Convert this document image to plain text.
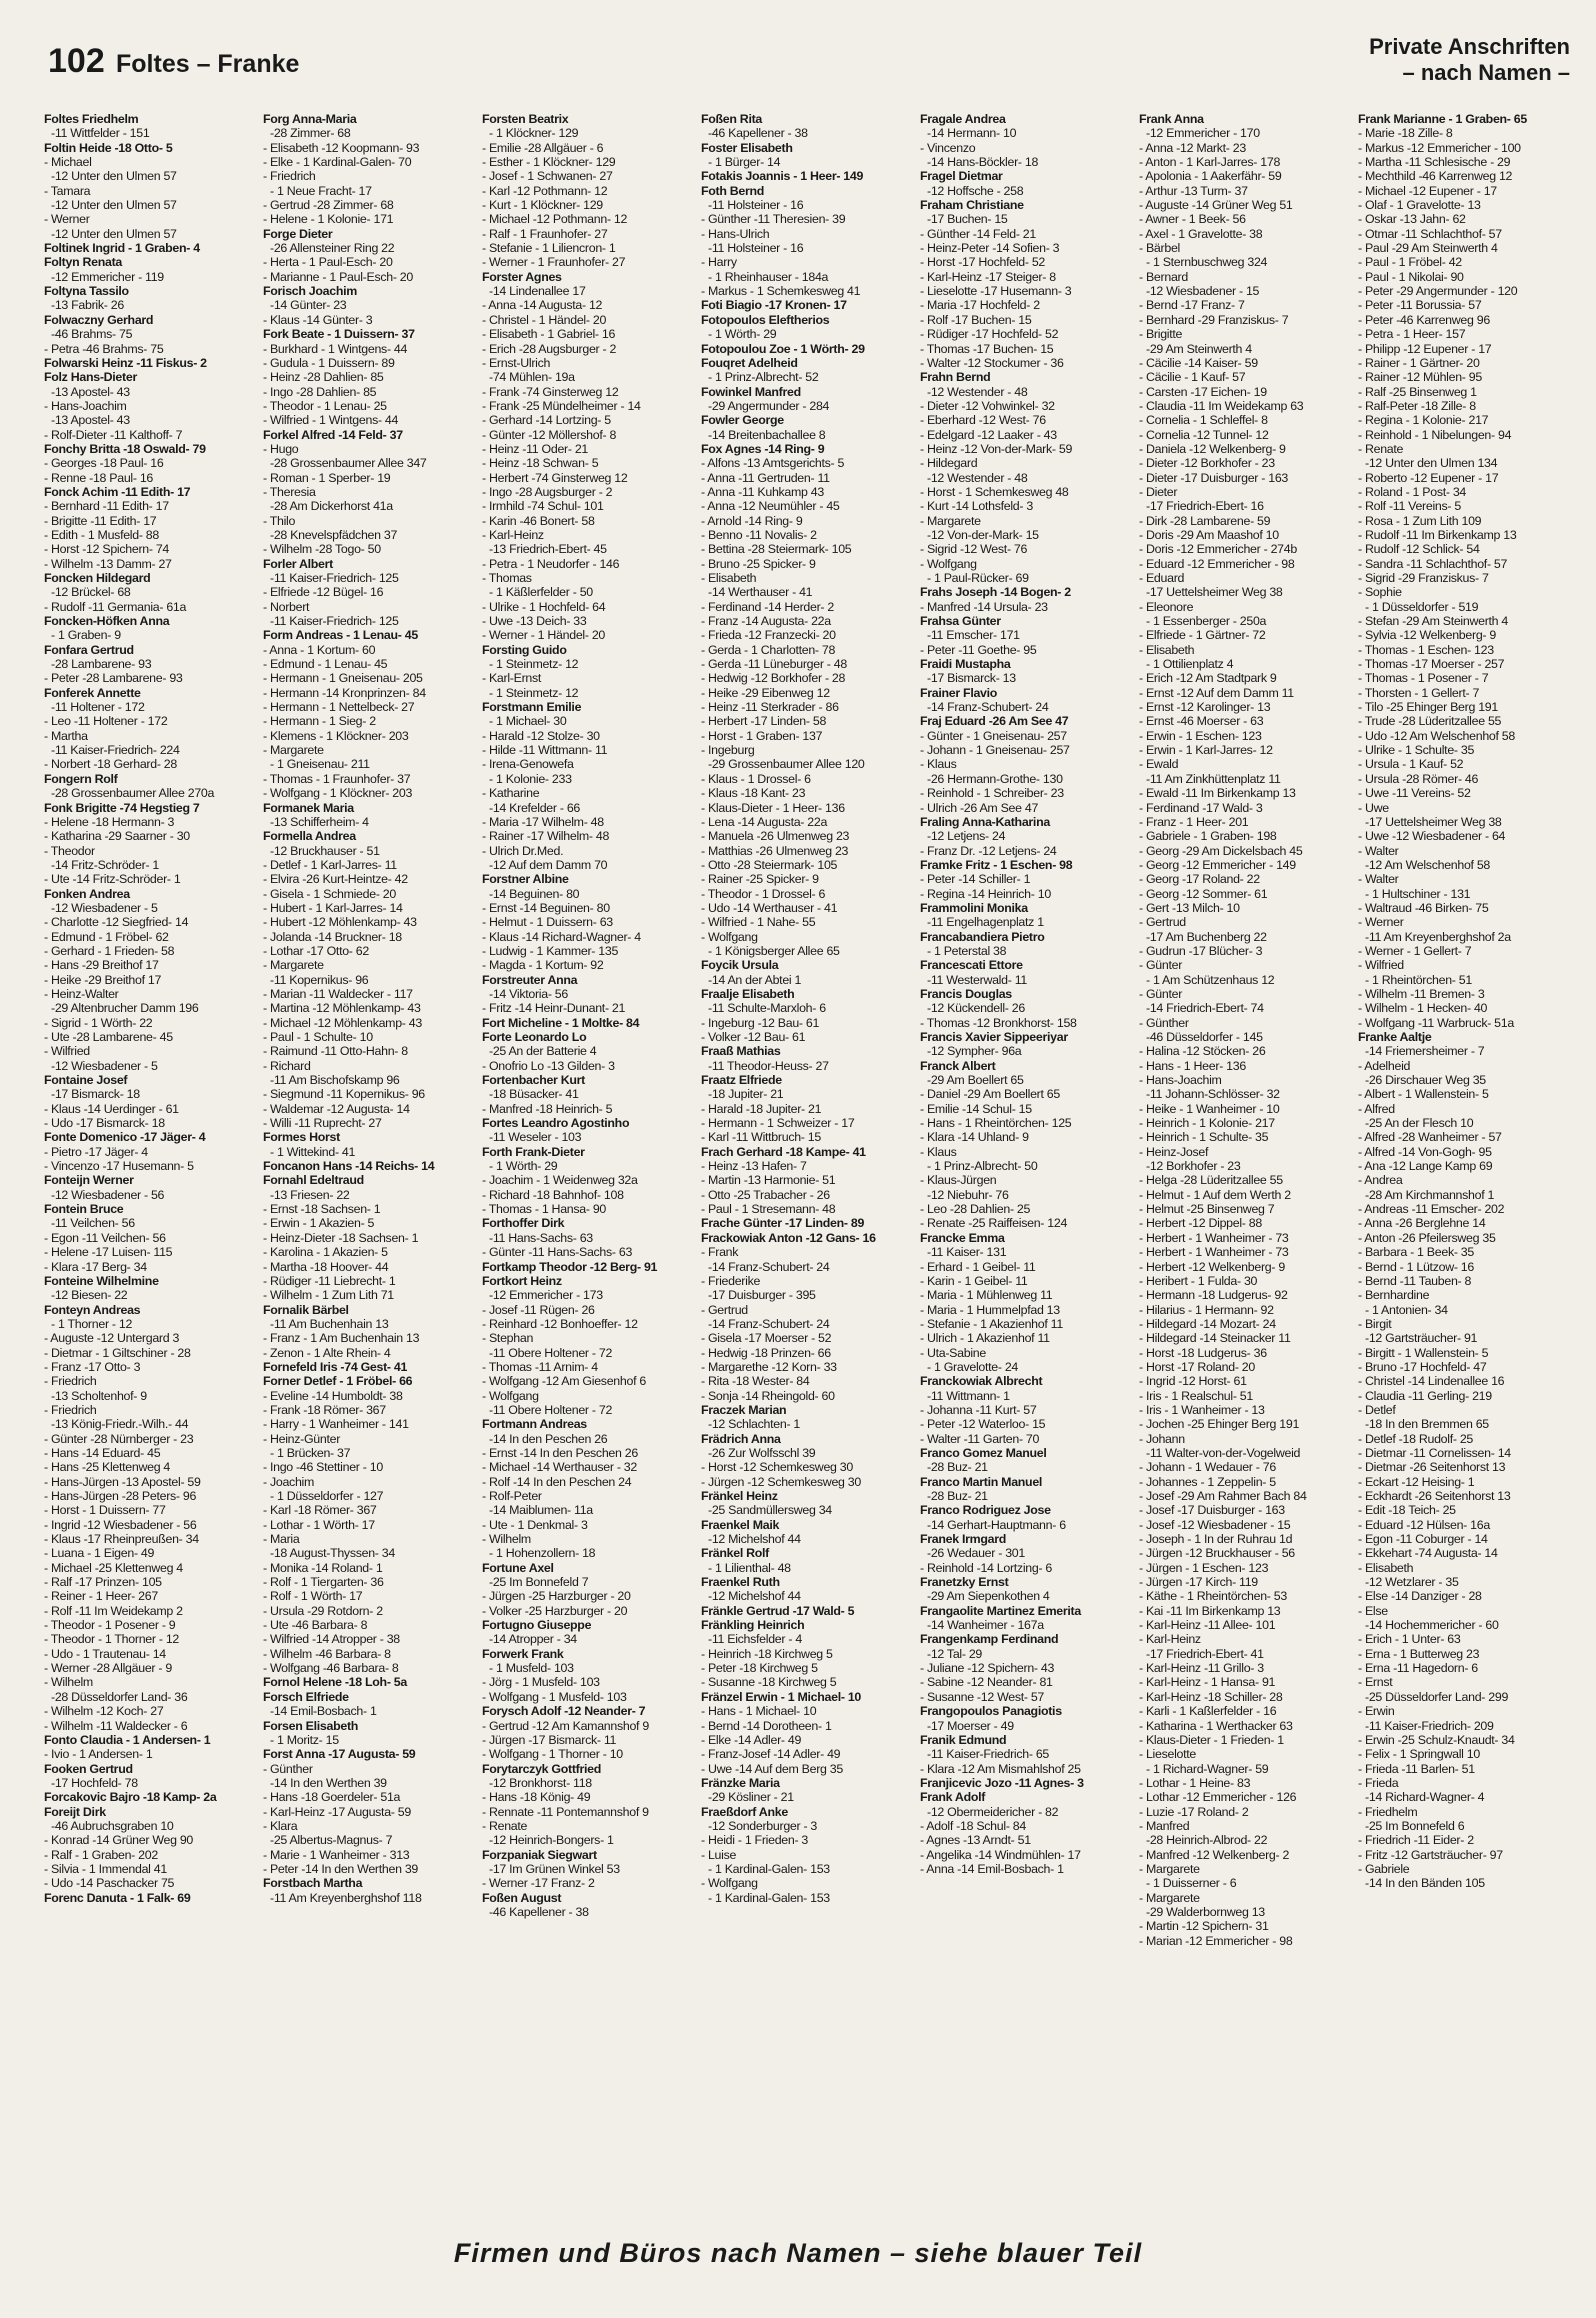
102 Foltes – Franke
Private Anschriften
– nach Namen –
Foltes Friedhelm
-11 Wittfelder - 151
Foltin Heide -18 Otto- 5
- Michael
-12 Unter den Ulmen 57
- Tamara
-12 Unter den Ulmen 57
- Werner
-12 Unter den Ulmen 57
Foltinek Ingrid - 1 Graben- 4
Foltyn Renata
-12 Emmericher - 119
Foltyna Tassilo
-13 Fabrik- 26
Folwaczny Gerhard
-46 Brahms- 75
- Petra -46 Brahms- 75
Folwarski Heinz -11 Fiskus- 2
Folz Hans-Dieter
-13 Apostel- 43
- Hans-Joachim
-13 Apostel- 43
- Rolf-Dieter -11 Kalthoff- 7
Fonchy Britta -18 Oswald- 79
- Georges -18 Paul- 16
- Renne -18 Paul- 16
Fonck Achim -11 Edith- 17
- Bernhard -11 Edith- 17
- Brigitte -11 Edith- 17
- Edith - 1 Musfeld- 88
- Horst -12 Spichern- 74
- Wilhelm -13 Damm- 27
Foncken Hildegard
-12 Brückel- 68
- Rudolf -11 Germania- 61a
Foncken-Höfken Anna
- 1 Graben- 9
Fonfara Gertrud
-28 Lambarene- 93
- Peter -28 Lambarene- 93
Fonferek Annette
-11 Holtener - 172
- Leo -11 Holtener - 172
- Martha
-11 Kaiser-Friedrich- 224
- Norbert -18 Gerhard- 28
Fongern Rolf
-28 Grossenbaumer Allee 270a
Fonk Brigitte -74 Hegstieg 7
- Helene -18 Hermann- 3
- Katharina -29 Saarner - 30
- Theodor
-14 Fritz-Schröder- 1
- Ute -14 Fritz-Schröder- 1
Fonken Andrea
-12 Wiesbadener - 5
- Charlotte -12 Siegfried- 14
- Edmund - 1 Fröbel- 62
- Gerhard - 1 Frieden- 58
- Hans -29 Breithof 17
- Heike -29 Breithof 17
- Heinz-Walter
-29 Altenbrucher Damm 196
- Sigrid - 1 Wörth- 22
- Ute -28 Lambarene- 45
- Wilfried
-12 Wiesbadener - 5
Fontaine Josef
-17 Bismarck- 18
- Klaus -14 Uerdinger - 61
- Udo -17 Bismarck- 18
Fonte Domenico -17 Jäger- 4
- Pietro -17 Jäger- 4
- Vincenzo -17 Husemann- 5
Fonteijn Werner
-12 Wiesbadener - 56
Fontein Bruce
-11 Veilchen- 56
- Egon -11 Veilchen- 56
- Helene -17 Luisen- 115
- Klara -17 Berg- 34
Fonteine Wilhelmine
-12 Biesen- 22
Fonteyn Andreas
- 1 Thorner - 12
- Auguste -12 Untergard 3
- Dietmar - 1 Giltschiner - 28
- Franz -17 Otto- 3
- Friedrich
-13 Scholtenhof- 9
- Friedrich
-13 König-Friedr.-Wilh.- 44
- Günter -28 Nürnberger - 23
- Hans -14 Eduard- 45
- Hans -25 Klettenweg 4
- Hans-Jürgen -13 Apostel- 59
- Hans-Jürgen -28 Peters- 96
- Horst - 1 Duissern- 77
- Ingrid -12 Wiesbadener - 56
- Klaus -17 Rheinpreußen- 34
- Luana - 1 Eigen- 49
- Michael -25 Klettenweg 4
- Ralf -17 Prinzen- 105
- Reiner - 1 Heer- 267
- Rolf -11 Im Weidekamp 2
- Theodor - 1 Posener - 9
- Theodor - 1 Thorner - 12
- Udo - 1 Trautenau- 14
- Werner -28 Allgäuer - 9
- Wilhelm
-28 Düsseldorfer Land- 36
- Wilhelm -12 Koch- 27
- Wilhelm -11 Waldecker - 6
Fonto Claudia - 1 Andersen- 1
- Ivio - 1 Andersen- 1
Fooken Gertrud
-17 Hochfeld- 78
Forcakovic Bajro -18 Kamp- 2a
Foreijt Dirk
-46 Aubruchsgraben 10
- Konrad -14 Grüner Weg 90
- Ralf - 1 Graben- 202
- Silvia - 1 Immendal 41
- Udo -14 Paschacker 75
Forenc Danuta - 1 Falk- 69
Forg Anna-Maria
-28 Zimmer- 68
- Elisabeth -12 Koopmann- 93
- Elke - 1 Kardinal-Galen- 70
- Friedrich
- 1 Neue Fracht- 17
- Gertrud -28 Zimmer- 68
- Helene - 1 Kolonie- 171
Forge Dieter
-26 Allensteiner Ring 22
- Herta - 1 Paul-Esch- 20
- Marianne - 1 Paul-Esch- 20
Forisch Joachim
-14 Günter- 23
- Klaus -14 Günter- 3
Fork Beate - 1 Duissern- 37
- Burkhard - 1 Wintgens- 44
- Gudula - 1 Duissern- 89
- Heinz -28 Dahlien- 85
- Ingo -28 Dahlien- 85
- Theodor - 1 Lenau- 25
- Wilfried - 1 Wintgens- 44
Forkel Alfred -14 Feld- 37
- Hugo
-28 Grossenbaumer Allee 347
- Roman - 1 Sperber- 19
- Theresia
-28 Am Dickerhorst 41a
- Thilo
-28 Knevelspfädchen 37
- Wilhelm -28 Togo- 50
Forler Albert
-11 Kaiser-Friedrich- 125
- Elfriede -12 Bügel- 16
- Norbert
-11 Kaiser-Friedrich- 125
Form Andreas - 1 Lenau- 45
- Anna - 1 Kortum- 60
- Edmund - 1 Lenau- 45
- Hermann - 1 Gneisenau- 205
- Hermann -14 Kronprinzen- 84
- Hermann - 1 Nettelbeck- 27
- Hermann - 1 Sieg- 2
- Klemens - 1 Klöckner- 203
- Margarete
- 1 Gneisenau- 211
- Thomas - 1 Fraunhofer- 37
- Wolfgang - 1 Klöckner- 203
Formanek Maria
-13 Schifferheim- 4
Formella Andrea
-12 Bruckhauser - 51
- Detlef - 1 Karl-Jarres- 11
- Elvira -26 Kurt-Heintze- 42
- Gisela - 1 Schmiede- 20
- Hubert - 1 Karl-Jarres- 14
- Hubert -12 Möhlenkamp- 43
- Jolanda -14 Bruckner- 18
- Lothar -17 Otto- 62
- Margarete
-11 Kopernikus- 96
- Marian -11 Waldecker - 117
- Martina -12 Möhlenkamp- 43
- Michael -12 Möhlenkamp- 43
- Paul - 1 Schulte- 10
- Raimund -11 Otto-Hahn- 8
- Richard
-11 Am Bischofskamp 96
- Siegmund -11 Kopernikus- 96
- Waldemar -12 Augusta- 14
- Willi -11 Ruprecht- 27
Formes Horst
- 1 Wittekind- 41
Foncanon Hans -14 Reichs- 14
Fornahl Edeltraud
-13 Friesen- 22
- Ernst -18 Sachsen- 1
- Erwin - 1 Akazien- 5
- Heinz-Dieter -18 Sachsen- 1
- Karolina - 1 Akazien- 5
- Martha -18 Hoover- 44
- Rüdiger -11 Liebrecht- 1
- Wilhelm - 1 Zum Lith 71
Fornalik Bärbel
-11 Am Buchenhain 13
- Franz - 1 Am Buchenhain 13
- Zenon - 1 Alte Rhein- 4
Fornefeld Iris -74 Gest- 41
Forner Detlef - 1 Fröbel- 66
- Eveline -14 Humboldt- 38
- Frank -18 Römer- 367
- Harry - 1 Wanheimer - 141
- Heinz-Günter
- 1 Brücken- 37
- Ingo -46 Stettiner - 10
- Joachim
- 1 Düsseldorfer - 127
- Karl -18 Römer- 367
- Lothar - 1 Wörth- 17
- Maria
-18 August-Thyssen- 34
- Monika -14 Roland- 1
- Rolf - 1 Tiergarten- 36
- Rolf - 1 Wörth- 17
- Ursula -29 Rotdorn- 2
- Ute -46 Barbara- 8
- Wilfried -14 Atropper - 38
- Wilhelm -46 Barbara- 8
- Wolfgang -46 Barbara- 8
Fornol Helene -18 Loh- 5a
Forsch Elfriede
-14 Emil-Bosbach- 1
Forsen Elisabeth
- 1 Moritz- 15
Forst Anna -17 Augusta- 59
- Günther
-14 In den Werthen 39
- Hans -18 Goerdeler- 51a
- Karl-Heinz -17 Augusta- 59
- Klara
-25 Albertus-Magnus- 7
- Marie - 1 Wanheimer - 313
- Peter -14 In den Werthen 39
Forstbach Martha
-11 Am Kreyenberghshof 118
Forsten Beatrix
- 1 Klöckner- 129
- Emilie -28 Allgäuer - 6
- Esther - 1 Klöckner- 129
- Josef - 1 Schwanen- 27
- Karl -12 Pothmann- 12
- Kurt - 1 Klöckner- 129
- Michael -12 Pothmann- 12
- Ralf - 1 Fraunhofer- 27
- Stefanie - 1 Liliencron- 1
- Werner - 1 Fraunhofer- 27
Forster Agnes
-14 Lindenallee 17
- Anna -14 Augusta- 12
- Christel - 1 Händel- 20
- Elisabeth - 1 Gabriel- 16
- Erich -28 Augsburger - 2
- Ernst-Ulrich
-74 Mühlen- 19a
- Frank -74 Ginsterweg 12
- Frank -25 Mündelheimer - 14
- Gerhard -14 Lortzing- 5
- Günter -12 Möllershof- 8
- Heinz -11 Oder- 21
- Heinz -18 Schwan- 5
- Herbert -74 Ginsterweg 12
- Ingo -28 Augsburger - 2
- Irmhild -74 Schul- 101
- Karin -46 Bonert- 58
- Karl-Heinz
-13 Friedrich-Ebert- 45
- Petra - 1 Neudorfer - 146
- Thomas
- 1 Käßlerfelder - 50
- Ulrike - 1 Hochfeld- 64
- Uwe -13 Deich- 33
- Werner - 1 Händel- 20
Forsting Guido
- 1 Steinmetz- 12
- Karl-Ernst
- 1 Steinmetz- 12
Forstmann Emilie
- 1 Michael- 30
- Harald -12 Stolze- 30
- Hilde -11 Wittmann- 11
- Irena-Genowefa
- 1 Kolonie- 233
- Katharine
-14 Krefelder - 66
- Maria -17 Wilhelm- 48
- Rainer -17 Wilhelm- 48
- Ulrich Dr.Med.
-12 Auf dem Damm 70
Forstner Albine
-14 Beguinen- 80
- Ernst -14 Beguinen- 80
- Helmut - 1 Duissern- 63
- Klaus -14 Richard-Wagner- 4
- Ludwig - 1 Kammer- 135
- Magda - 1 Kortum- 92
Forstreuter Anna
-14 Viktoria- 56
- Fritz -14 Heinr-Dunant- 21
Fort Micheline - 1 Moltke- 84
Forte Leonardo Lo
-25 An der Batterie 4
- Onofrio Lo -13 Gilden- 3
Fortenbacher Kurt
-18 Büsacker- 41
- Manfred -18 Heinrich- 5
Fortes Leandro Agostinho
-11 Weseler - 103
Forth Frank-Dieter
- 1 Wörth- 29
- Joachim - 1 Weidenweg 32a
- Richard -18 Bahnhof- 108
- Thomas - 1 Hansa- 90
Forthoffer Dirk
-11 Hans-Sachs- 63
- Günter -11 Hans-Sachs- 63
Fortkamp Theodor -12 Berg- 91
Fortkort Heinz
-12 Emmericher - 173
- Josef -11 Rügen- 26
- Reinhard -12 Bonhoeffer- 12
- Stephan
-11 Obere Holtener - 72
- Thomas -11 Arnim- 4
- Wolfgang -12 Am Giesenhof 6
- Wolfgang
-11 Obere Holtener - 72
Fortmann Andreas
-14 In den Peschen 26
- Ernst -14 In den Peschen 26
- Michael -14 Werthauser - 32
- Rolf -14 In den Peschen 24
- Rolf-Peter
-14 Maiblumen- 11a
- Ute - 1 Denkmal- 3
- Wilhelm
- 1 Hohenzollern- 18
Fortune Axel
-25 Im Bonnefeld 7
- Jürgen -25 Harzburger - 20
- Volker -25 Harzburger - 20
Fortugno Giuseppe
-14 Atropper - 34
Forwerk Frank
- 1 Musfeld- 103
- Jörg - 1 Musfeld- 103
- Wolfgang - 1 Musfeld- 103
Forysch Adolf -12 Neander- 7
- Gertrud -12 Am Kamannshof 9
- Jürgen -17 Bismarck- 11
- Wolfgang - 1 Thorner - 10
Forytarczyk Gottfried
-12 Bronkhorst- 118
- Hans -18 König- 49
- Rennate -11 Pontemannshof 9
- Renate
-12 Heinrich-Bongers- 1
Forzpaniak Siegwart
-17 Im Grünen Winkel 53
- Werner -17 Franz- 2
Foßen August
-46 Kapellener - 38
Foßen Rita
-46 Kapellener - 38
Foster Elisabeth
- 1 Bürger- 14
Fotakis Joannis - 1 Heer- 149
Foth Bernd
-11 Holsteiner - 16
- Günther -11 Theresien- 39
- Hans-Ulrich
-11 Holsteiner - 16
- Harry
- 1 Rheinhauser - 184a
- Markus - 1 Schemkesweg 41
Foti Biagio -17 Kronen- 17
Fotopoulos Eleftherios
- 1 Wörth- 29
Fotopoulou Zoe - 1 Wörth- 29
Fouqret Adelheid
- 1 Prinz-Albrecht- 52
Fowinkel Manfred
-29 Angermunder - 284
Fowler George
-14 Breitenbachallee 8
Fox Agnes -14 Ring- 9
- Alfons -13 Amtsgerichts- 5
- Anna -11 Gertruden- 11
- Anna -11 Kuhkamp 43
- Anna -12 Neumühler - 45
- Arnold -14 Ring- 9
- Benno -11 Novalis- 2
- Bettina -28 Steiermark- 105
- Bruno -25 Spicker- 9
- Elisabeth
-14 Werthauser - 41
- Ferdinand -14 Herder- 2
- Franz -14 Augusta- 22a
- Frieda -12 Franzecki- 20
- Gerda - 1 Charlotten- 78
- Gerda -11 Lüneburger - 48
- Hedwig -12 Borkhofer - 28
- Heike -29 Eibenweg 12
- Heinz -11 Sterkrader - 86
- Herbert -17 Linden- 58
- Horst - 1 Graben- 137
- Ingeburg
-29 Grossenbaumer Allee 120
- Klaus - 1 Drossel- 6
- Klaus -18 Kant- 23
- Klaus-Dieter - 1 Heer- 136
- Lena -14 Augusta- 22a
- Manuela -26 Ulmenweg 23
- Matthias -26 Ulmenweg 23
- Otto -28 Steiermark- 105
- Rainer -25 Spicker- 9
- Theodor - 1 Drossel- 6
- Udo -14 Werthauser - 41
- Wilfried - 1 Nahe- 55
- Wolfgang
- 1 Königsberger Allee 65
Foycik Ursula
-14 An der Abtei 1
Fraalje Elisabeth
-11 Schulte-Marxloh- 6
- Ingeburg -12 Bau- 61
- Volker -12 Bau- 61
Fraaß Mathias
-11 Theodor-Heuss- 27
Fraatz Elfriede
-18 Jupiter- 21
- Harald -18 Jupiter- 21
- Hermann - 1 Schweizer - 17
- Karl -11 Wittbruch- 15
Frach Gerhard -18 Kampe- 41
- Heinz -13 Hafen- 7
- Martin -13 Harmonie- 51
- Otto -25 Trabacher - 26
- Paul - 1 Stresemann- 48
Frache Günter -17 Linden- 89
Frackowiak Anton -12 Gans- 16
- Frank
-14 Franz-Schubert- 24
- Friederike
-17 Duisburger - 395
- Gertrud
-14 Franz-Schubert- 24
- Gisela -17 Moerser - 52
- Hedwig -18 Prinzen- 66
- Margarethe -12 Korn- 33
- Rita -18 Wester- 84
- Sonja -14 Rheingold- 60
Fraczek Marian
-12 Schlachten- 1
Frädrich Anna
-26 Zur Wolfsschl 39
- Horst -12 Schemkesweg 30
- Jürgen -12 Schemkesweg 30
Fränkel Heinz
-25 Sandmüllersweg 34
Fraenkel Maik
-12 Michelshof 44
Fränkel Rolf
- 1 Lilienthal- 48
Fraenkel Ruth
-12 Michelshof 44
Fränkle Gertrud -17 Wald- 5
Fränkling Heinrich
-11 Eichsfelder - 4
- Heinrich -18 Kirchweg 5
- Peter -18 Kirchweg 5
- Susanne -18 Kirchweg 5
Fränzel Erwin - 1 Michael- 10
- Hans - 1 Michael- 10
- Bernd -14 Dorotheen- 1
- Elke -14 Adler- 49
- Franz-Josef -14 Adler- 49
- Uwe -14 Auf dem Berg 35
Fränzke Maria
-29 Kösliner - 21
Fraeßdorf Anke
-12 Sonderburger - 3
- Heidi - 1 Frieden- 3
- Luise
- 1 Kardinal-Galen- 153
- Wolfgang
- 1 Kardinal-Galen- 153
Fragale Andrea
-14 Hermann- 10
- Vincenzo
-14 Hans-Böckler- 18
Fragel Dietmar
-12 Hoffsche - 258
Fraham Christiane
-17 Buchen- 15
- Günther -14 Feld- 21
- Heinz-Peter -14 Sofien- 3
- Horst -17 Hochfeld- 52
- Karl-Heinz -17 Steiger- 8
- Lieselotte -17 Husemann- 3
- Maria -17 Hochfeld- 2
- Rolf -17 Buchen- 15
- Rüdiger -17 Hochfeld- 52
- Thomas -17 Buchen- 15
- Walter -12 Stockumer - 36
Frahn Bernd
-12 Westender - 48
- Dieter -12 Vohwinkel- 32
- Eberhard -12 West- 76
- Edelgard -12 Laaker - 43
- Heinz -12 Von-der-Mark- 59
- Hildegard
-12 Westender - 48
- Horst - 1 Schemkesweg 48
- Kurt -14 Lothsfeld- 3
- Margarete
-12 Von-der-Mark- 15
- Sigrid -12 West- 76
- Wolfgang
- 1 Paul-Rücker- 69
Frahs Joseph -14 Bogen- 2
- Manfred -14 Ursula- 23
Frahsa Günter
-11 Emscher- 171
- Peter -11 Goethe- 95
Fraidi Mustapha
-17 Bismarck- 13
Frainer Flavio
-14 Franz-Schubert- 24
Fraj Eduard -26 Am See 47
- Günter - 1 Gneisenau- 257
- Johann - 1 Gneisenau- 257
- Klaus
-26 Hermann-Grothe- 130
- Reinhold - 1 Schreiber- 23
- Ulrich -26 Am See 47
Fraling Anna-Katharina
-12 Letjens- 24
- Franz Dr. -12 Letjens- 24
Framke Fritz - 1 Eschen- 98
- Peter -14 Schiller- 1
- Regina -14 Heinrich- 10
Frammolini Monika
-11 Engelhagenplatz 1
Francabandiera Pietro
- 1 Peterstal 38
Francescati Ettore
-11 Westerwald- 11
Francis Douglas
-12 Kückendell- 26
- Thomas -12 Bronkhorst- 158
Francis Xavier Sippeeriyar
-12 Sympher- 96a
Franck Albert
-29 Am Boellert 65
- Daniel -29 Am Boellert 65
- Emilie -14 Schul- 15
- Hans - 1 Rheintörchen- 125
- Klara -14 Uhland- 9
- Klaus
- 1 Prinz-Albrecht- 50
- Klaus-Jürgen
-12 Niebuhr- 76
- Leo -28 Dahlien- 25
- Renate -25 Raiffeisen- 124
Francke Emma
-11 Kaiser- 131
- Erhard - 1 Geibel- 11
- Karin - 1 Geibel- 11
- Maria - 1 Mühlenweg 11
- Maria - 1 Hummelpfad 13
- Stefanie - 1 Akazienhof 11
- Ulrich - 1 Akazienhof 11
- Uta-Sabine
- 1 Gravelotte- 24
Franckowiak Albrecht
-11 Wittmann- 1
- Johanna -11 Kurt- 57
- Peter -12 Waterloo- 15
- Walter -11 Garten- 70
Franco Gomez Manuel
-28 Buz- 21
Franco Martin Manuel
-28 Buz- 21
Franco Rodriguez Jose
-14 Gerhart-Hauptmann- 6
Franek Irmgard
-26 Wedauer - 301
- Reinhold -14 Lortzing- 6
Franetzky Ernst
-29 Am Siepenkothen 4
Frangaolite Martinez Emerita
-14 Wanheimer - 167a
Frangenkamp Ferdinand
-12 Tal- 29
- Juliane -12 Spichern- 43
- Sabine -12 Neander- 81
- Susanne -12 West- 57
Frangopoulos Panagiotis
-17 Moerser - 49
Franik Edmund
-11 Kaiser-Friedrich- 65
- Klara -12 Am Mismahlshof 25
Franjicevic Jozo -11 Agnes- 3
Frank Adolf
-12 Obermeidericher - 82
- Adolf -18 Schul- 84
- Agnes -13 Arndt- 51
- Angelika -14 Windmühlen- 17
- Anna -14 Emil-Bosbach- 1
Frank Anna
-12 Emmericher - 170
- Anna -12 Markt- 23
- Anton - 1 Karl-Jarres- 178
- Apolonia - 1 Aakerfähr- 59
- Arthur -13 Turm- 37
- Auguste -14 Grüner Weg 51
- Awner - 1 Beek- 56
- Axel - 1 Gravelotte- 38
- Bärbel
- 1 Sternbuschweg 324
- Bernard
-12 Wiesbadener - 15
- Bernd -17 Franz- 7
- Bernhard -29 Franziskus- 7
- Brigitte
-29 Am Steinwerth 4
- Cäcilie -14 Kaiser- 59
- Cäcilie - 1 Kauf- 57
- Carsten -17 Eichen- 19
- Claudia -11 Im Weidekamp 63
- Cornelia - 1 Schleffel- 8
- Cornelia -12 Tunnel- 12
- Daniela -12 Welkenberg- 9
- Dieter -12 Borkhofer - 23
- Dieter -17 Duisburger - 163
- Dieter
-17 Friedrich-Ebert- 16
- Dirk -28 Lambarene- 59
- Doris -29 Am Maashof 10
- Doris -12 Emmericher - 274b
- Eduard -12 Emmericher - 98
- Eduard
-17 Uettelsheimer Weg 38
- Eleonore
- 1 Essenberger - 250a
- Elfriede - 1 Gärtner- 72
- Elisabeth
- 1 Ottilienplatz 4
- Erich -12 Am Stadtpark 9
- Ernst -12 Auf dem Damm 11
- Ernst -12 Karolinger- 13
- Ernst -46 Moerser - 63
- Erwin - 1 Eschen- 123
- Erwin - 1 Karl-Jarres- 12
- Ewald
-11 Am Zinkhüttenplatz 11
- Ewald -11 Im Birkenkamp 13
- Ferdinand -17 Wald- 3
- Franz - 1 Heer- 201
- Gabriele - 1 Graben- 198
- Georg -29 Am Dickelsbach 45
- Georg -12 Emmericher - 149
- Georg -17 Roland- 22
- Georg -12 Sommer- 61
- Gert -13 Milch- 10
- Gertrud
-17 Am Buchenberg 22
- Gudrun -17 Blücher- 3
- Günter
- 1 Am Schützenhaus 12
- Günter
-14 Friedrich-Ebert- 74
- Günther
-46 Düsseldorfer - 145
- Halina -12 Stöcken- 26
- Hans - 1 Heer- 136
- Hans-Joachim
-11 Johann-Schlösser- 32
- Heike - 1 Wanheimer - 10
- Heinrich - 1 Kolonie- 217
- Heinrich - 1 Schulte- 35
- Heinz-Josef
-12 Borkhofer - 23
- Helga -28 Lüderitzallee 55
- Helmut - 1 Auf dem Werth 2
- Helmut -25 Binsenweg 7
- Herbert -12 Dippel- 88
- Herbert - 1 Wanheimer - 73
- Herbert - 1 Wanheimer - 73
- Herbert -12 Welkenberg- 9
- Heribert - 1 Fulda- 30
- Hermann -18 Ludgerus- 92
- Hilarius - 1 Hermann- 92
- Hildegard -14 Mozart- 24
- Hildegard -14 Steinacker 11
- Horst -18 Ludgerus- 36
- Horst -17 Roland- 20
- Ingrid -12 Horst- 61
- Iris - 1 Realschul- 51
- Iris - 1 Wanheimer - 13
- Jochen -25 Ehinger Berg 191
- Johann
-11 Walter-von-der-Vogelweid
- Johann - 1 Wedauer - 76
- Johannes - 1 Zeppelin- 5
- Josef -29 Am Rahmer Bach 84
- Josef -17 Duisburger - 163
- Josef -12 Wiesbadener - 15
- Joseph - 1 In der Ruhrau 1d
- Jürgen -12 Bruckhauser - 56
- Jürgen - 1 Eschen- 123
- Jürgen -17 Kirch- 119
- Käthe - 1 Rheintörchen- 53
- Kai -11 Im Birkenkamp 13
- Karl-Heinz -11 Allee- 101
- Karl-Heinz
-17 Friedrich-Ebert- 41
- Karl-Heinz -11 Grillo- 3
- Karl-Heinz - 1 Hansa- 91
- Karl-Heinz -18 Schiller- 28
- Karli - 1 Kaßlerfelder - 16
- Katharina - 1 Werthacker 63
- Klaus-Dieter - 1 Frieden- 1
- Lieselotte
- 1 Richard-Wagner- 59
- Lothar - 1 Heine- 83
- Lothar -12 Emmericher - 126
- Luzie -17 Roland- 2
- Manfred
-28 Heinrich-Albrod- 22
- Manfred -12 Welkenberg- 2
- Margarete
- 1 Duisserner - 6
- Margarete
-29 Walderbornweg 13
- Martin -12 Spichern- 31
- Marian -12 Emmericher - 98
Frank Marianne - 1 Graben- 65
- Marie -18 Zille- 8
- Markus -12 Emmericher - 100
- Martha -11 Schlesische - 29
- Mechthild -46 Karrenweg 12
- Michael -12 Eupener - 17
- Olaf - 1 Gravelotte- 13
- Oskar -13 Jahn- 62
- Otmar -11 Schlachthof- 57
- Paul -29 Am Steinwerth 4
- Paul - 1 Fröbel- 42
- Paul - 1 Nikolai- 90
- Peter -29 Angermunder - 120
- Peter -11 Borussia- 57
- Peter -46 Karrenweg 96
- Petra - 1 Heer- 157
- Philipp -12 Eupener - 17
- Rainer - 1 Gärtner- 20
- Rainer -12 Mühlen- 95
- Ralf -25 Binsenweg 1
- Ralf-Peter -18 Zille- 8
- Regina - 1 Kolonie- 217
- Reinhold - 1 Nibelungen- 94
- Renate
-12 Unter den Ulmen 134
- Roberto -12 Eupener - 17
- Roland - 1 Post- 34
- Rolf -11 Vereins- 5
- Rosa - 1 Zum Lith 109
- Rudolf -11 Im Birkenkamp 13
- Rudolf -12 Schlick- 54
- Sandra -11 Schlachthof- 57
- Sigrid -29 Franziskus- 7
- Sophie
- 1 Düsseldorfer - 519
- Stefan -29 Am Steinwerth 4
- Sylvia -12 Welkenberg- 9
- Thomas - 1 Eschen- 123
- Thomas -17 Moerser - 257
- Thomas - 1 Posener - 7
- Thorsten - 1 Gellert- 7
- Tilo -25 Ehinger Berg 191
- Trude -28 Lüderitzallee 55
- Udo -12 Am Welschenhof 58
- Ulrike - 1 Schulte- 35
- Ursula - 1 Kauf- 52
- Ursula -28 Römer- 46
- Uwe -11 Vereins- 52
- Uwe
-17 Uettelsheimer Weg 38
- Uwe -12 Wiesbadener - 64
- Walter
-12 Am Welschenhof 58
- Walter
- 1 Hultschiner - 131
- Waltraud -46 Birken- 75
- Werner
-11 Am Kreyenberghshof 2a
- Werner - 1 Gellert- 7
- Wilfried
- 1 Rheintörchen- 51
- Wilhelm -11 Bremen- 3
- Wilhelm - 1 Hecken- 40
- Wolfgang -11 Warbruck- 51a
Franke Aaltje
-14 Friemersheimer - 7
- Adelheid
-26 Dirschauer Weg 35
- Albert - 1 Wallenstein- 5
- Alfred
-25 An der Flesch 10
- Alfred -28 Wanheimer - 57
- Alfred -14 Von-Gogh- 95
- Ana -12 Lange Kamp 69
- Andrea
-28 Am Kirchmannshof 1
- Andreas -11 Emscher- 202
- Anna -26 Berglehne 14
- Anton -26 Pfeilersweg 35
- Barbara - 1 Beek- 35
- Bernd - 1 Lützow- 16
- Bernd -11 Tauben- 8
- Bernhardine
- 1 Antonien- 34
- Birgit
-12 Gartsträucher- 91
- Birgitt - 1 Wallenstein- 5
- Bruno -17 Hochfeld- 47
- Christel -14 Lindenallee 16
- Claudia -11 Gerling- 219
- Detlef
-18 In den Bremmen 65
- Detlef -18 Rudolf- 25
- Dietmar -11 Cornelissen- 14
- Dietmar -26 Seitenhorst 13
- Eckart -12 Heising- 1
- Eckhardt -26 Seitenhorst 13
- Edit -18 Teich- 25
- Eduard -12 Hülsen- 16a
- Egon -11 Coburger - 14
- Ekkehart -74 Augusta- 14
- Elisabeth
-12 Wetzlarer - 35
- Else -14 Danziger - 28
- Else
-14 Hochemmericher - 60
- Erich - 1 Unter- 63
- Erna - 1 Butterweg 23
- Erna -11 Hagedorn- 6
- Ernst
-25 Düsseldorfer Land- 299
- Erwin
-11 Kaiser-Friedrich- 209
- Erwin -25 Schulz-Knaudt- 34
- Felix - 1 Springwall 10
- Frieda -11 Barlen- 51
- Frieda
-14 Richard-Wagner- 4
- Friedhelm
-25 Im Bonnefeld 6
- Friedrich -11 Eider- 2
- Fritz -12 Gartsträucher- 97
- Gabriele
-14 In den Bänden 105
Firmen und Büros nach Namen – siehe blauer Teil
